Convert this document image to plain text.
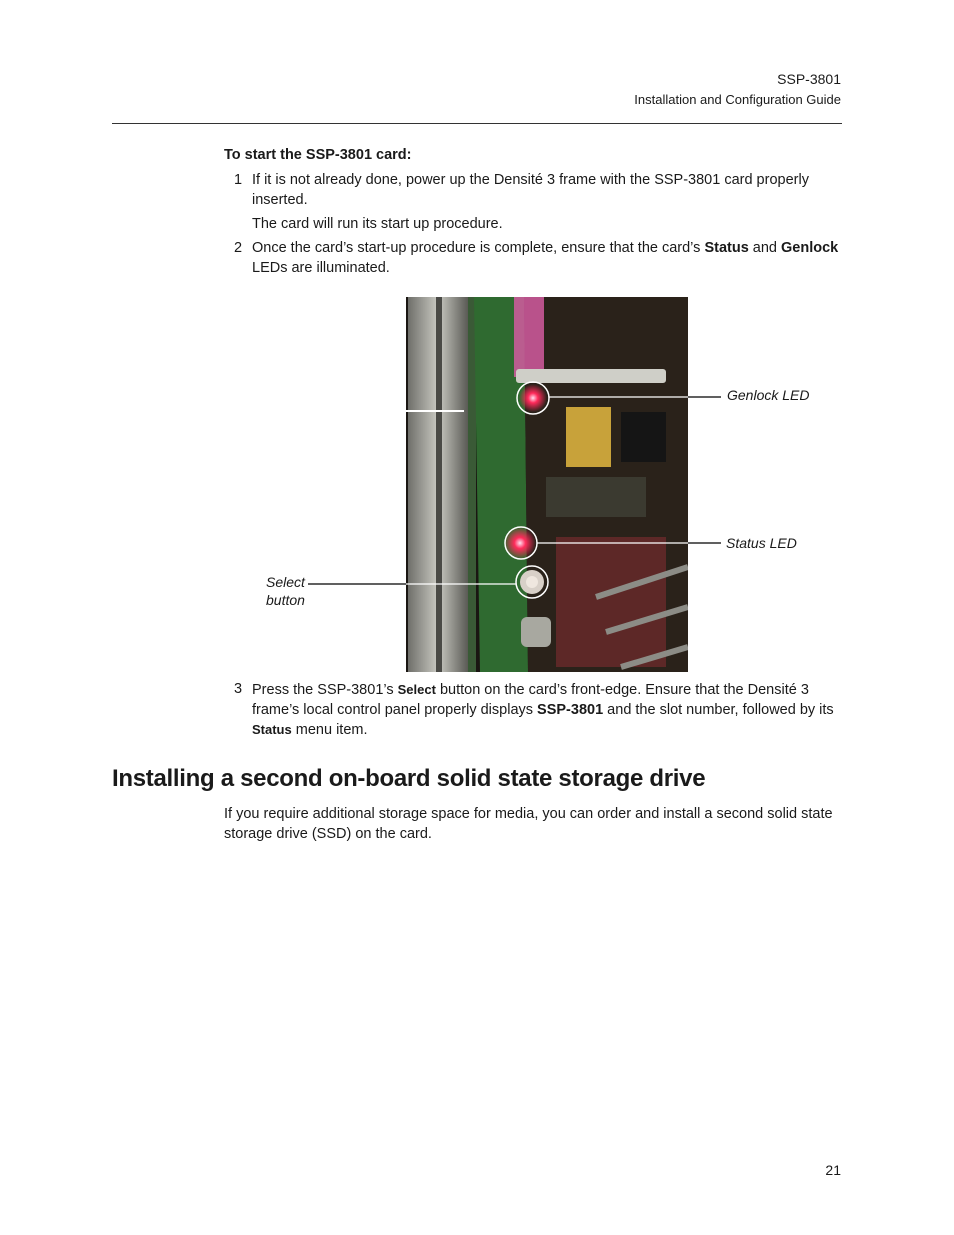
SSP-3801
Installation and Configuration Guide
To start the SSP-3801 card:
1 If it is not already done, power up the Densité 3 frame with the SSP-3801 card properly inserted.
The card will run its start up procedure.
2 Once the card’s start-up procedure is complete, ensure that the card’s Status and Genlock LEDs are illuminated.
Genlock LED
Status LED
Select
button
3 Press the SSP-3801’s Select button on the card’s front-edge. Ensure that the Densité 3 frame’s local control panel properly displays SSP-3801 and the slot number, followed by its Status menu item.
Installing a second on-board solid state storage drive

If you require additional storage space for media, you can order and install a second solid state storage drive (SSD) on the card.

21
